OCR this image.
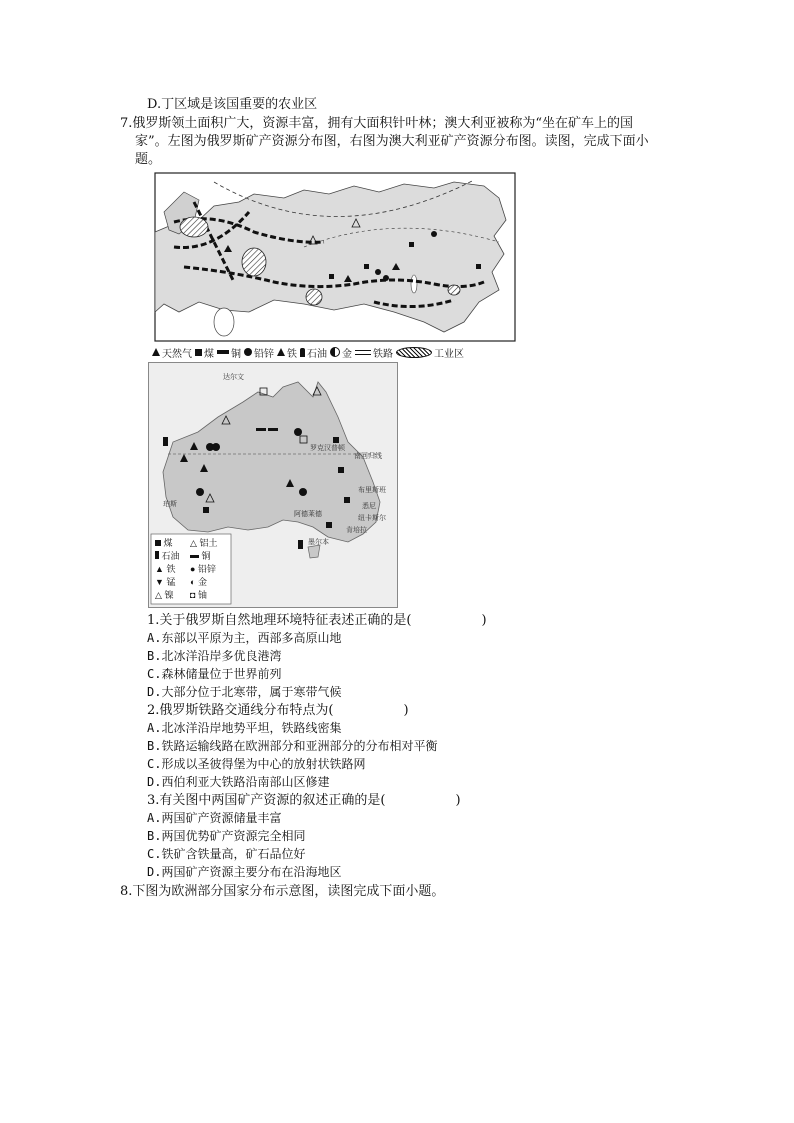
D.丁区域是该国重要的农业区
7.俄罗斯领土面积广大，资源丰富，拥有大面积针叶林；澳大利亚被称为“坐在矿车上的国
家”。左图为俄罗斯矿产资源分布图，右图为澳大利亚矿产资源分布图。读图，完成下面小
题。
天然气 煤 铜 铅锌 铁 石油 金 铁路	工业区
达尔文
罗克汉普顿
南回归线
布里斯班
珀斯
阿德莱德
悉尼
纽卡斯尔
肯培拉
墨尔本
煤 △ 铝土
石油	铜
▲ 铁 ● 铅锌
▼ 锰 ◐ 金
△ 镍 ◘ 铀
1.关于俄罗斯自然地理环境特征表述正确的是(	)
A.东部以平原为主，西部多高原山地
B.北冰洋沿岸多优良港湾
C.森林储量位于世界前列
D.大部分位于北寒带，属于寒带气候
2.俄罗斯铁路交通线分布特点为(	)
A.北冰洋沿岸地势平坦，铁路线密集
B.铁路运输线路在欧洲部分和亚洲部分的分布相对平衡
C.形成以圣彼得堡为中心的放射状铁路网
D.西伯利亚大铁路沿南部山区修建
3.有关图中两国矿产资源的叙述正确的是(	)
A.两国矿产资源储量丰富
B.两国优势矿产资源完全相同
C.铁矿含铁量高，矿石品位好
D.两国矿产资源主要分布在沿海地区
8.下图为欧洲部分国家分布示意图，读图完成下面小题。
